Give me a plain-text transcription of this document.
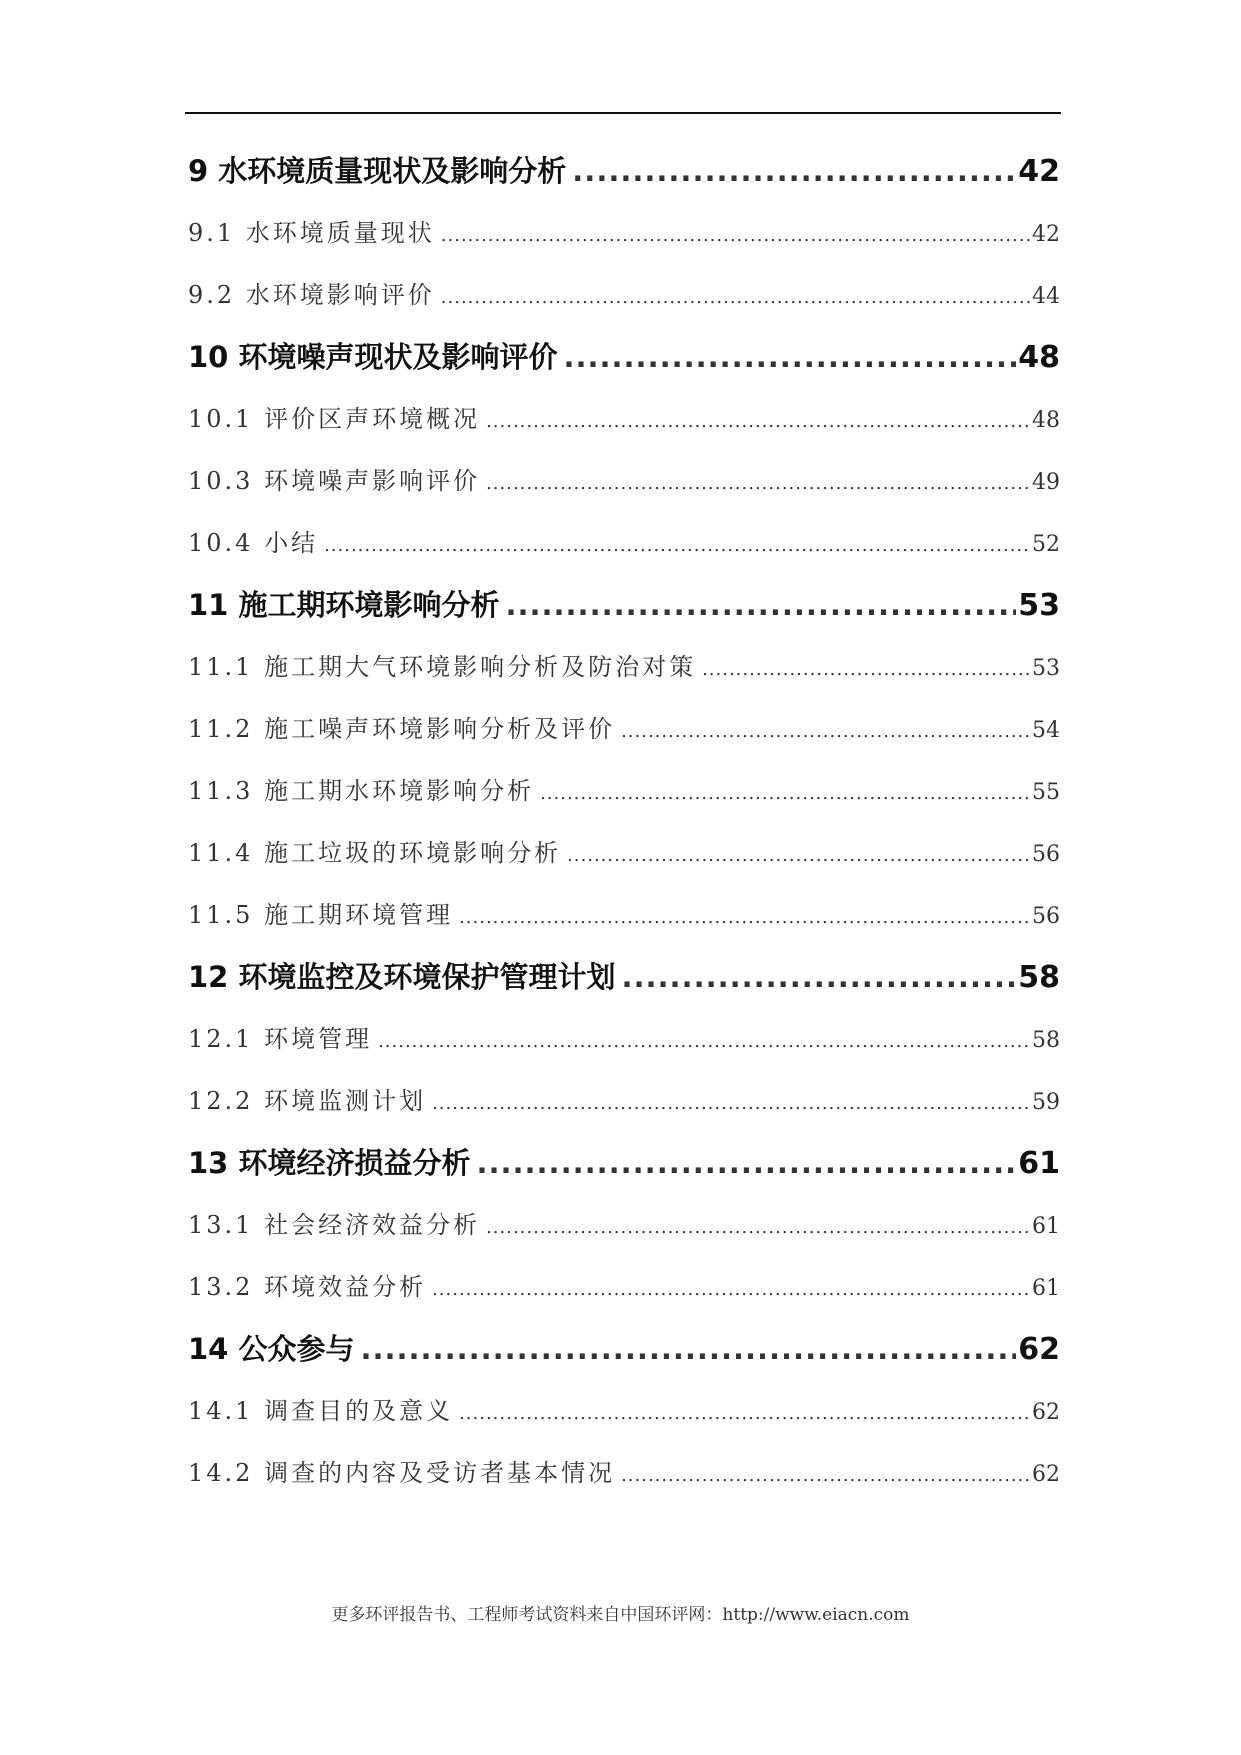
9 水环境质量现状及影响分析 .....	42
9.1 水环境质量现状 .....	42
9.2 水环境影响评价 .....	44
10 环境噪声现状及影响评价 .....	48
10.1 评价区声环境概况 .....	48
10.3 环境噪声影响评价 .....	49
10.4 小结 .....	52
11 施工期环境影响分析 .....	53
11.1 施工期大气环境影响分析及防治对策 .....	53
11.2 施工噪声环境影响分析及评价 .....	54
11.3 施工期水环境影响分析 .....	55
11.4 施工垃圾的环境影响分析 .....	56
11.5 施工期环境管理 .....	56
12 环境监控及环境保护管理计划 .....	58
12.1 环境管理 .....	58
12.2 环境监测计划 .....	59
13 环境经济损益分析 .....	61
13.1 社会经济效益分析 .....	61
13.2 环境效益分析 .....	61
14 公众参与 .....	62
14.1 调查目的及意义 .....	62
14.2 调查的内容及受访者基本情况 .....	62
更多环评报告书、工程师考试资料来自中国环评网：http://www.eiacn.com
